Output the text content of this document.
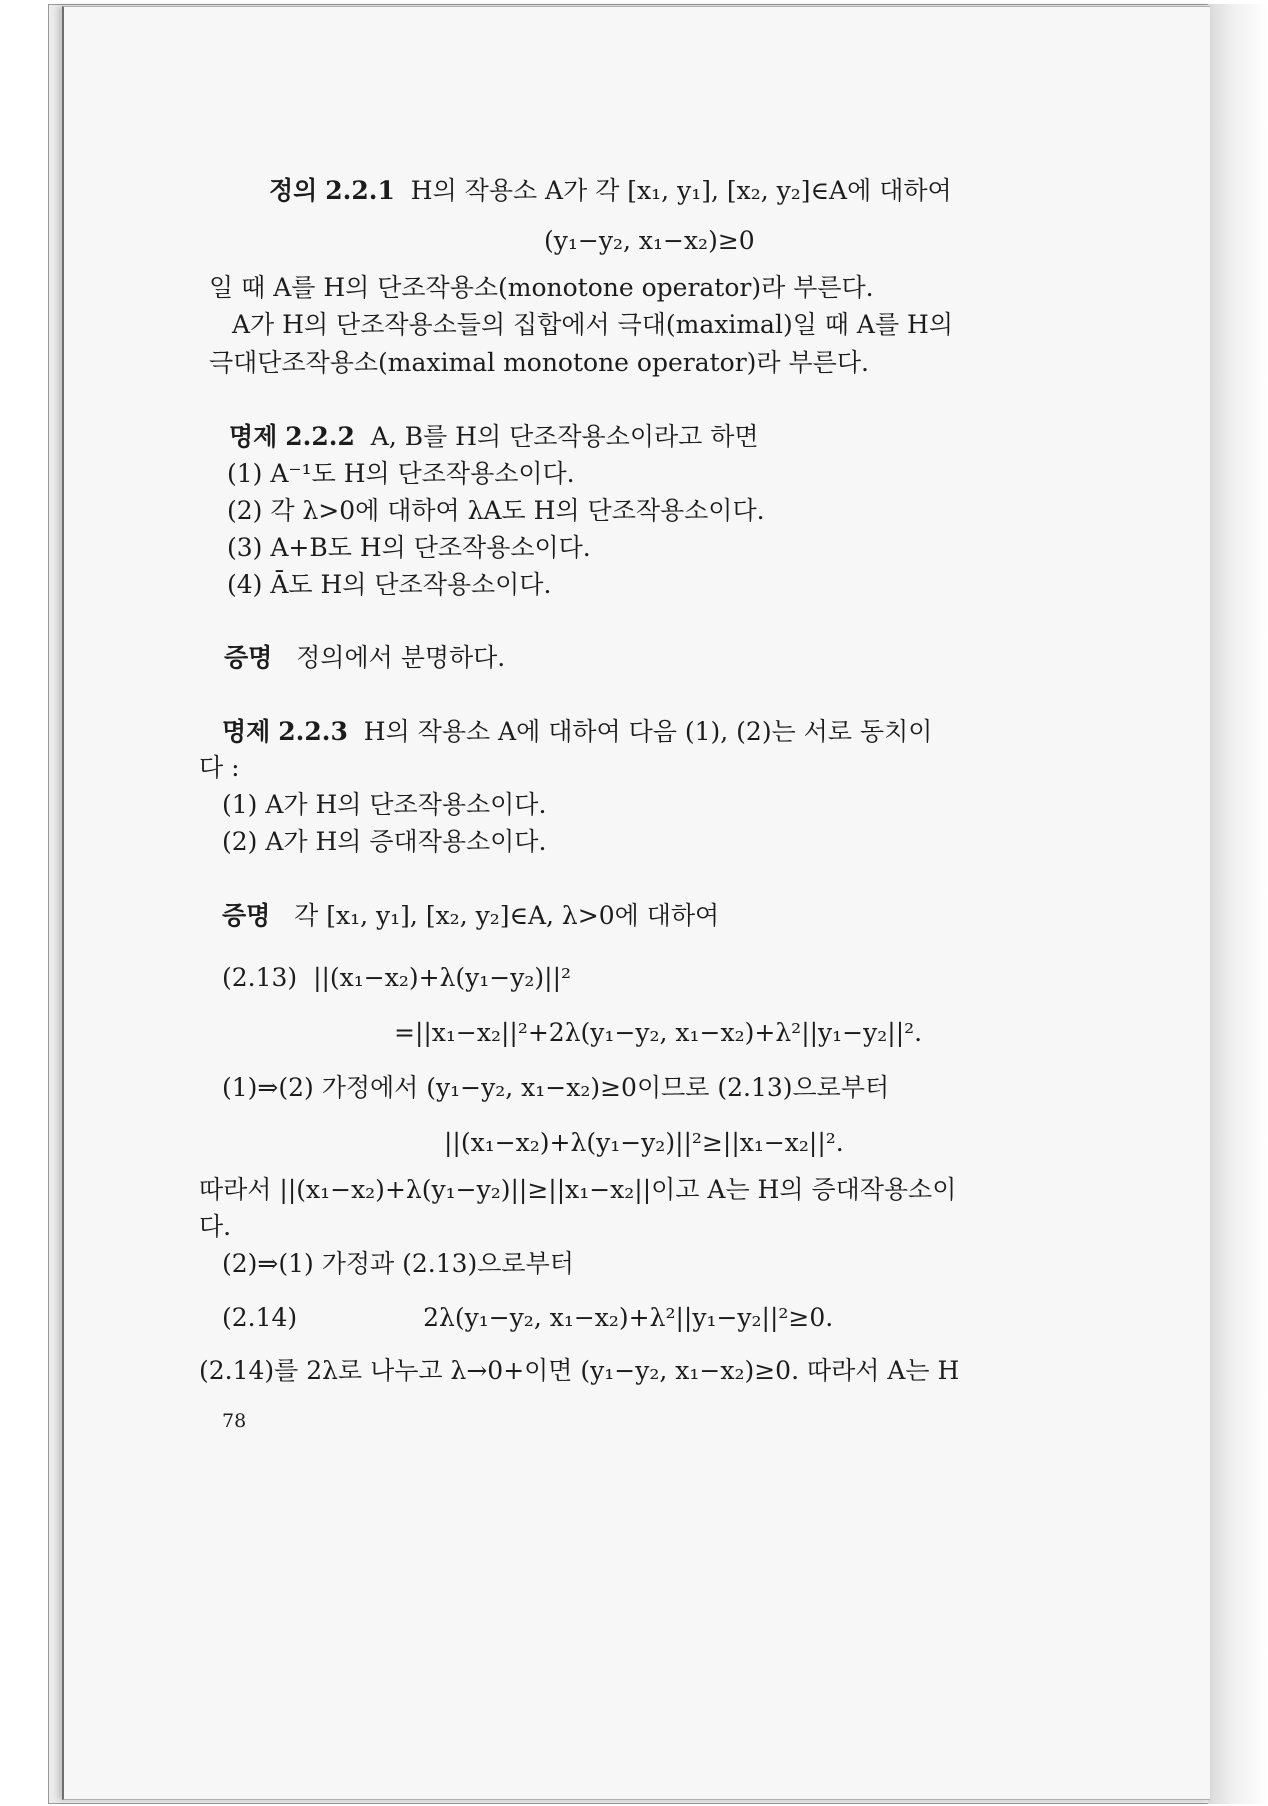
정의 2.2.1 H의 작용소 A가 각 [x₁, y₁], [x₂, y₂]∈A에 대하여
(y₁−y₂, x₁−x₂)≥0
일 때 A를 H의 단조작용소(monotone operator)라 부른다.
A가 H의 단조작용소들의 집합에서 극대(maximal)일 때 A를 H의
극대단조작용소(maximal monotone operator)라 부른다.
명제 2.2.2 A, B를 H의 단조작용소이라고 하면
(1) A⁻¹도 H의 단조작용소이다.
(2) 각 λ>0에 대하여 λA도 H의 단조작용소이다.
(3) A+B도 H의 단조작용소이다.
(4) Ā도 H의 단조작용소이다.
증명 정의에서 분명하다.
명제 2.2.3 H의 작용소 A에 대하여 다음 (1), (2)는 서로 동치이
다 :
(1) A가 H의 단조작용소이다.
(2) A가 H의 증대작용소이다.
증명 각 [x₁, y₁], [x₂, y₂]∈A, λ>0에 대하여
(2.13) ||(x₁−x₂)+λ(y₁−y₂)||²
=||x₁−x₂||²+2λ(y₁−y₂, x₁−x₂)+λ²||y₁−y₂||².
(1)⇒(2) 가정에서 (y₁−y₂, x₁−x₂)≥0이므로 (2.13)으로부터
||(x₁−x₂)+λ(y₁−y₂)||²≥||x₁−x₂||².
따라서 ||(x₁−x₂)+λ(y₁−y₂)||≥||x₁−x₂||이고 A는 H의 증대작용소이
다.
(2)⇒(1) 가정과 (2.13)으로부터
(2.14)	2λ(y₁−y₂, x₁−x₂)+λ²||y₁−y₂||²≥0.
(2.14)를 2λ로 나누고 λ→0+이면 (y₁−y₂, x₁−x₂)≥0. 따라서 A는 H
78
